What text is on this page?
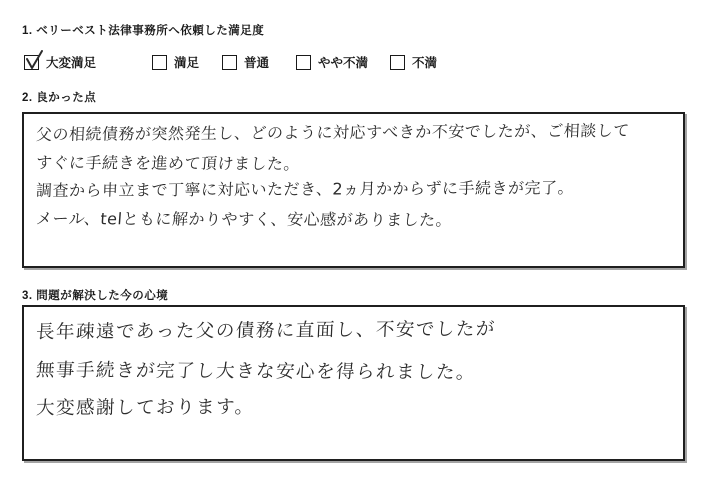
1. ベリーベスト法律事務所へ依頼した満足度
大変満足	満足	普通	やや不満	不満
2. 良かった点
父の相続債務が突然発生し、どのように対応すべきか不安でしたが、ご相談して
すぐに手続きを進めて頂けました。
調査から申立まで丁寧に対応いただき、2ヵ月かからずに手続きが完了。
メール、telともに解かりやすく、安心感がありました。
3. 問題が解決した今の心境
長年疎遠であった父の債務に直面し、不安でしたが
無事手続きが完了し大きな安心を得られました。
大変感謝しております。
